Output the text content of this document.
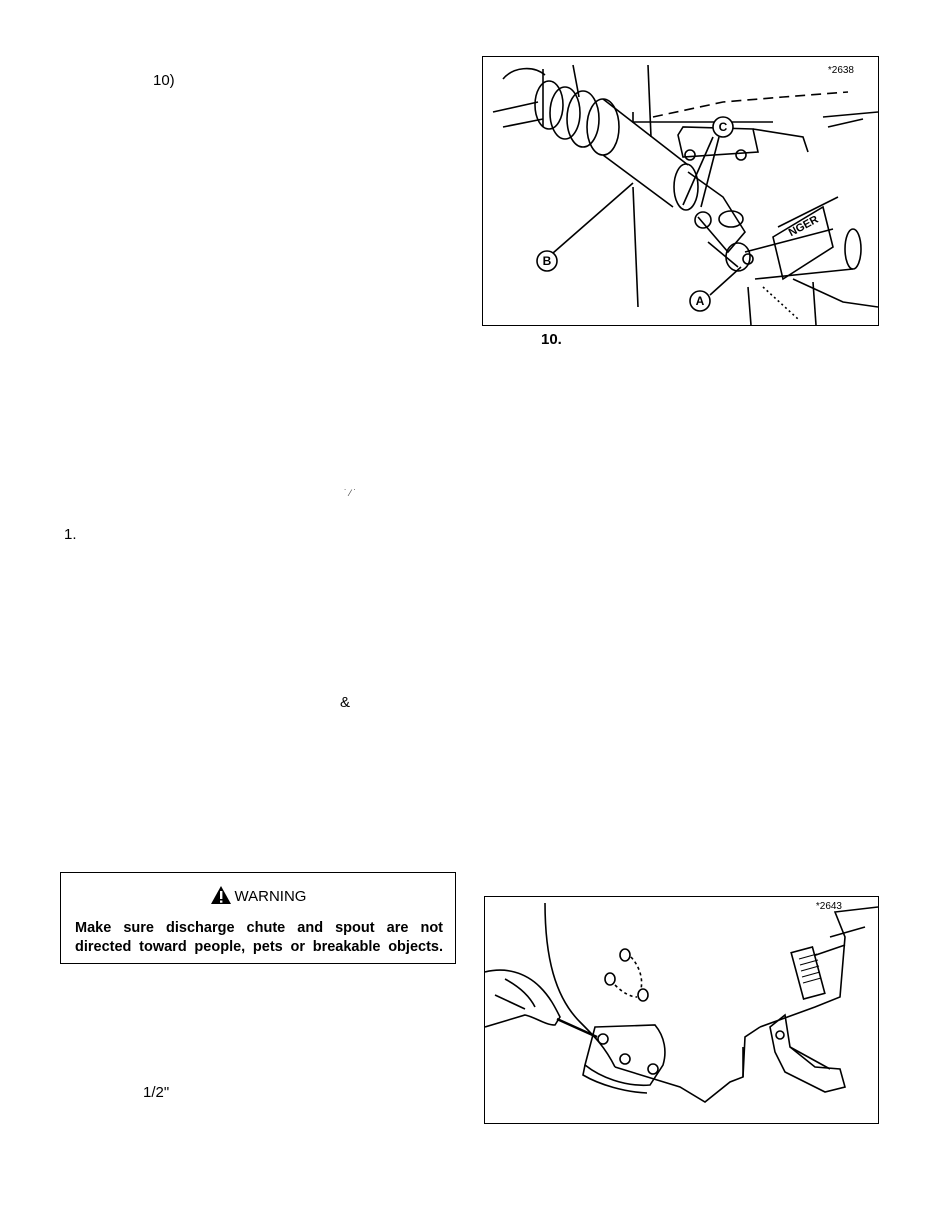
10)
1.
&
1/2"
˙ ⁄ ˙
C
B
A
NGER
*2638
10.
WARNING
Make sure discharge chute and spout are not
directed toward people, pets or breakable objects.
*2643
